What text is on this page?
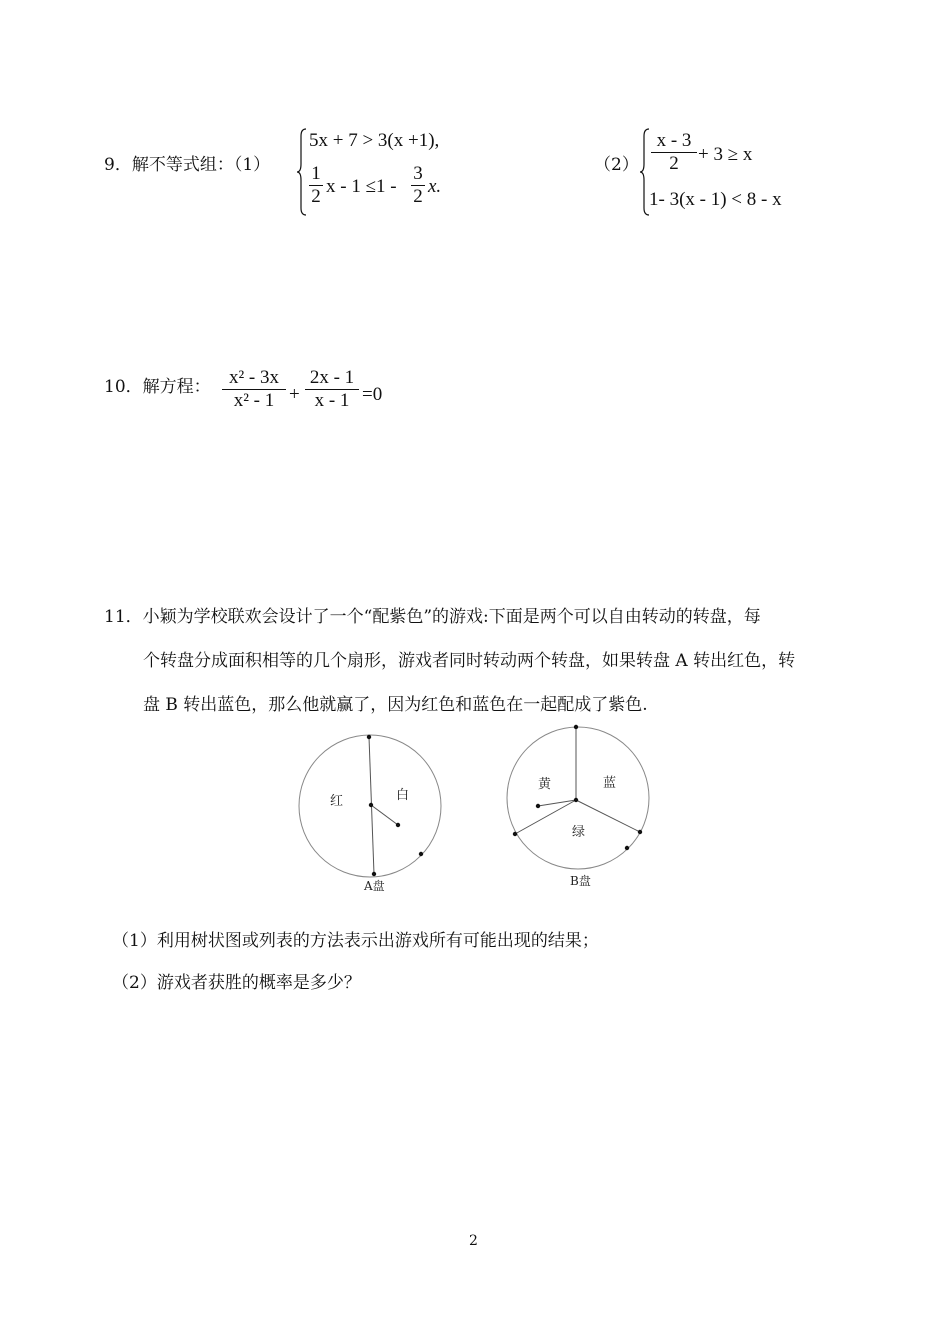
9．解不等式组：（1）
5x + 7 > 3(x +1),
$\frac{1}{2}$ $x - 1 \le 1 - \frac{3}{2} x$.
$(2) \frac{x - 3}{2} + 3 \ge x$
1- 3(x - 1) < 8 - x
10．解方程： $\frac{\text{x² - 3x}}{\text{x² - 1}} + \frac{2x - 1}{x - 1} =0$
11．小颖为学校联欢会设计了一个“配紫色”的游戏:下面是两个可以自由转动的转盘，每
个转盘分成面积相等的几个扇形，游戏者同时转动两个转盘，如果转盘 A 转出红色，转
盘 B 转出蓝色，那么他就赢了，因为红色和蓝色在一起配成了紫色.
红	白
A盘
黄	蓝
绿
B盘
（1）利用树状图或列表的方法表示出游戏所有可能出现的结果；
（2）游戏者获胜的概率是多少？
2
